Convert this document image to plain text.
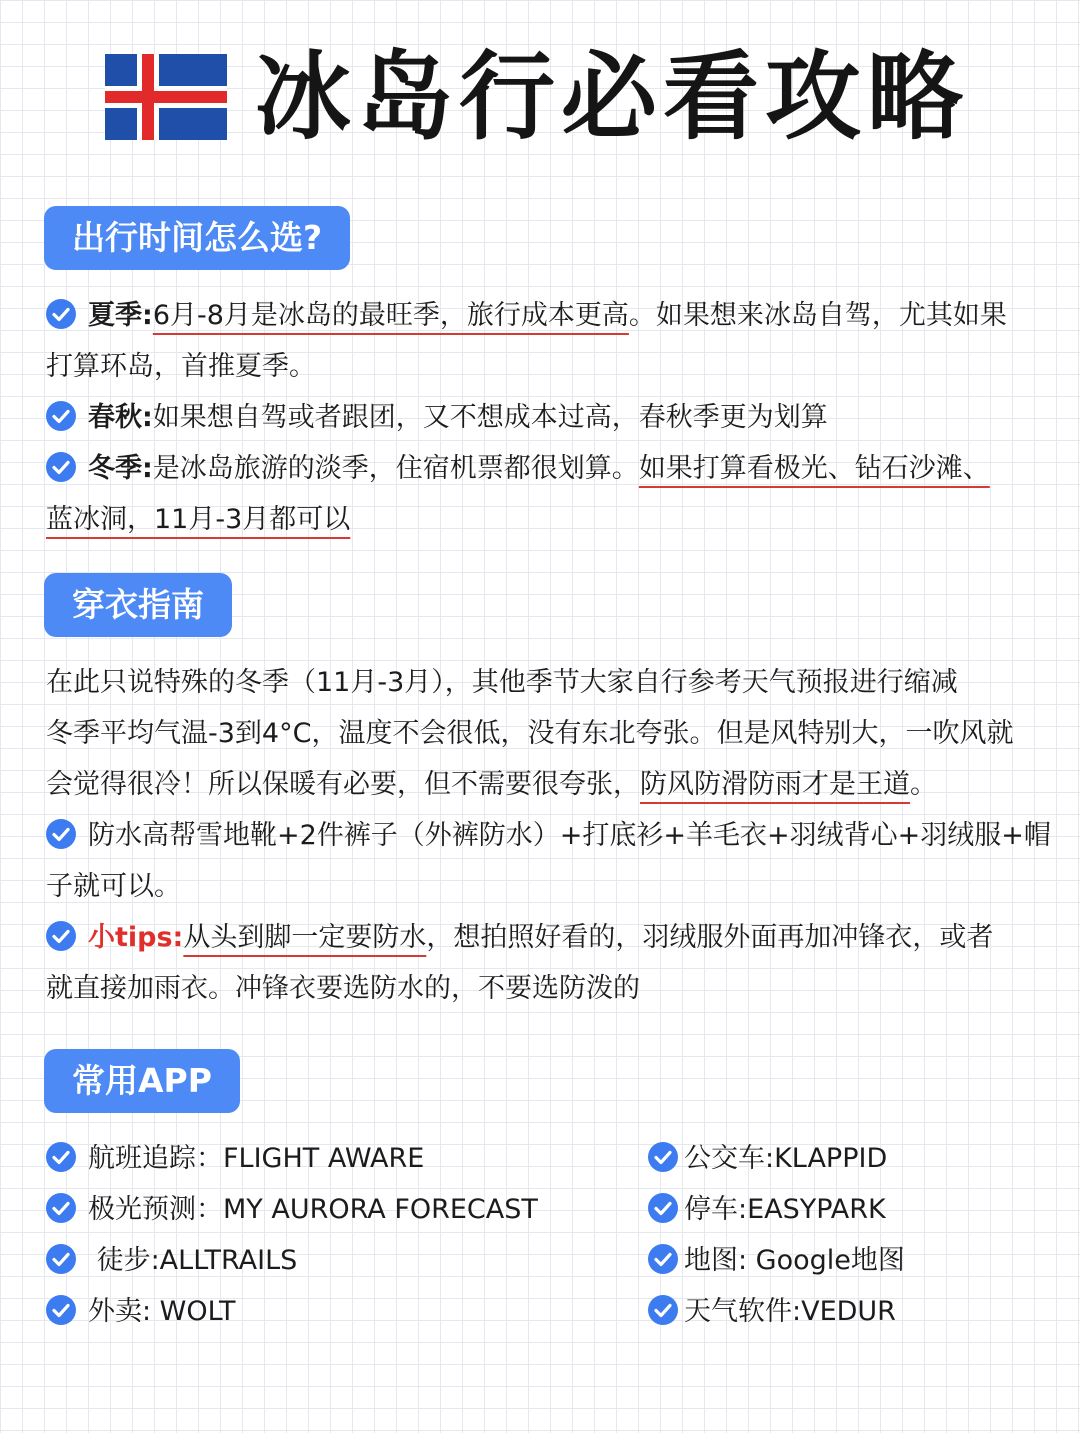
冰岛行必看攻略
出行时间怎么选?
夏季:6月-8月是冰岛的最旺季，旅行成本更高。如果想来冰岛自驾，尤其如果
打算环岛，首推夏季。
春秋:如果想自驾或者跟团，又不想成本过高，春秋季更为划算
冬季:是冰岛旅游的淡季，住宿机票都很划算。如果打算看极光、钻石沙滩、
蓝冰洞，11月-3月都可以
穿衣指南
在此只说特殊的冬季（11月-3月），其他季节大家自行参考天气预报进行缩减
冬季平均气温-3到4°C，温度不会很低，没有东北夸张。但是风特别大，一吹风就
会觉得很冷！所以保暖有必要，但不需要很夸张，防风防滑防雨才是王道。
防水高帮雪地靴+2件裤子（外裤防水）+打底衫+羊毛衣+羽绒背心+羽绒服+帽
子就可以。
小tips:从头到脚一定要防水，想拍照好看的，羽绒服外面再加冲锋衣，或者
就直接加雨衣。冲锋衣要选防水的，不要选防泼的
常用APP
航班追踪：FLIGHT AWARE
极光预测：MY AURORA FORECAST
徒步:ALLTRAILS
外卖: WOLT
公交车:KLAPPID
停车:EASYPARK
地图: Google地图
天气软件:VEDUR
